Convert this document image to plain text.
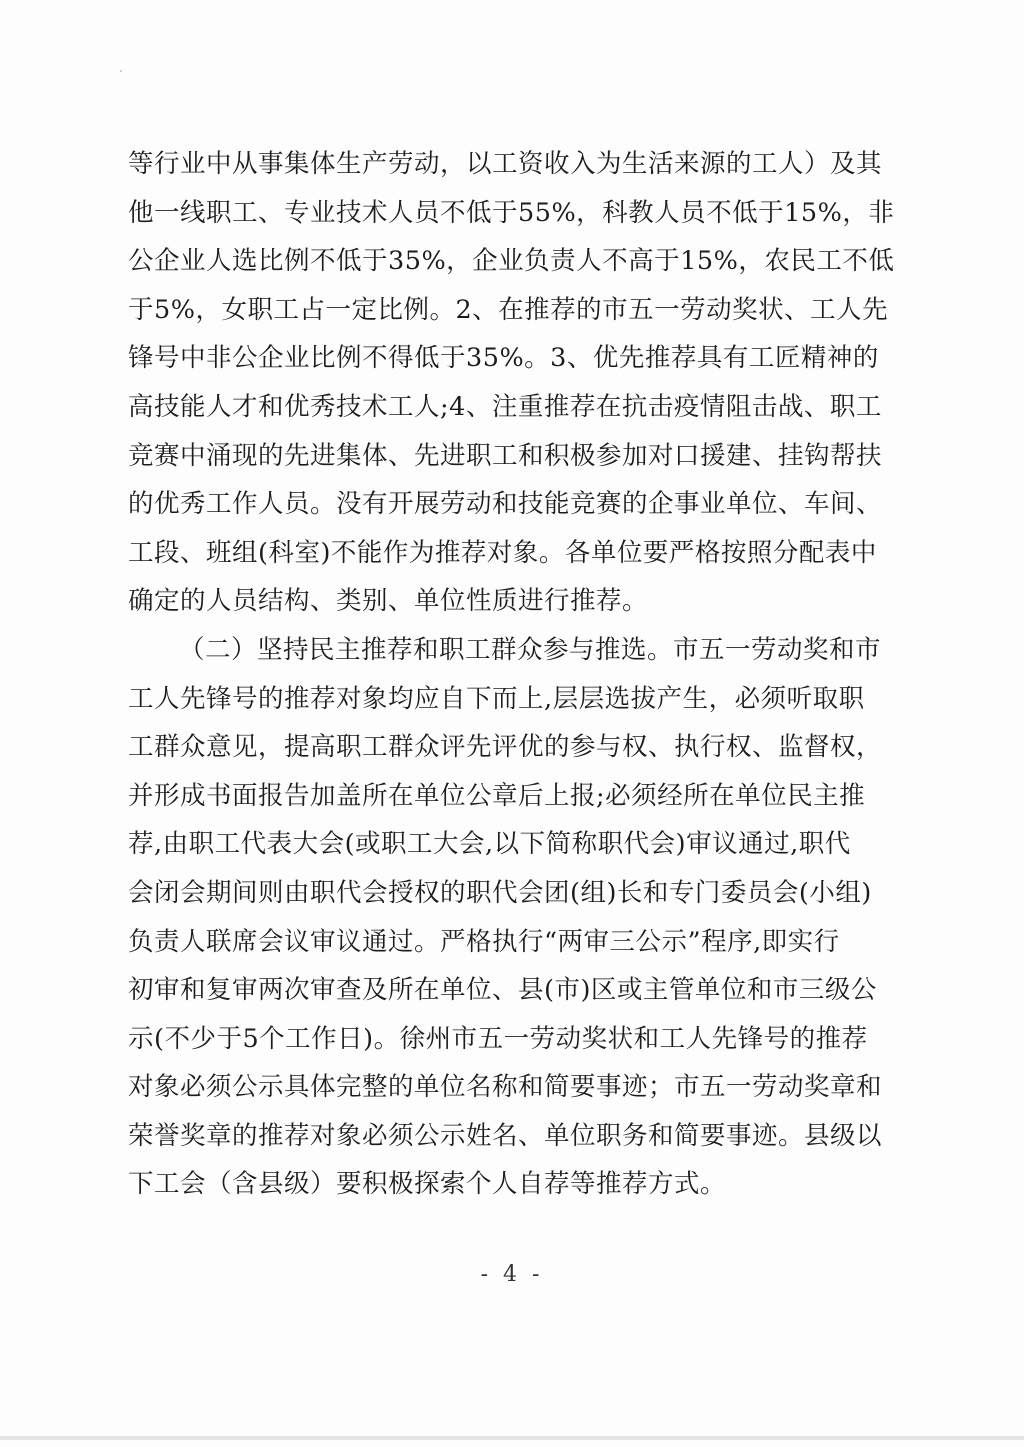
等行业中从事集体生产劳动，以工资收入为生活来源的工人）及其
他一线职工、专业技术人员不低于55%，科教人员不低于15%，非
公企业人选比例不低于35%，企业负责人不高于15%，农民工不低
于5%，女职工占一定比例。2、在推荐的市五一劳动奖状、工人先
锋号中非公企业比例不得低于35%。3、优先推荐具有工匠精神的
高技能人才和优秀技术工人;4、注重推荐在抗击疫情阻击战、职工
竞赛中涌现的先进集体、先进职工和积极参加对口援建、挂钩帮扶
的优秀工作人员。没有开展劳动和技能竞赛的企事业单位、车间、
工段、班组(科室)不能作为推荐对象。各单位要严格按照分配表中
确定的人员结构、类别、单位性质进行推荐。

（二）坚持民主推荐和职工群众参与推选。市五一劳动奖和市
工人先锋号的推荐对象均应自下而上,层层选拔产生，必须听取职
工群众意见，提高职工群众评先评优的参与权、执行权、监督权，
并形成书面报告加盖所在单位公章后上报;必须经所在单位民主推
荐,由职工代表大会(或职工大会,以下简称职代会)审议通过,职代
会闭会期间则由职代会授权的职代会团(组)长和专门委员会(小组)
负责人联席会议审议通过。严格执行“两审三公示”程序,即实行
初审和复审两次审查及所在单位、县(市)区或主管单位和市三级公
示(不少于5个工作日)。徐州市五一劳动奖状和工人先锋号的推荐
对象必须公示具体完整的单位名称和简要事迹；市五一劳动奖章和
荣誉奖章的推荐对象必须公示姓名、单位职务和简要事迹。县级以
下工会（含县级）要积极探索个人自荐等推荐方式。

- 4 -
